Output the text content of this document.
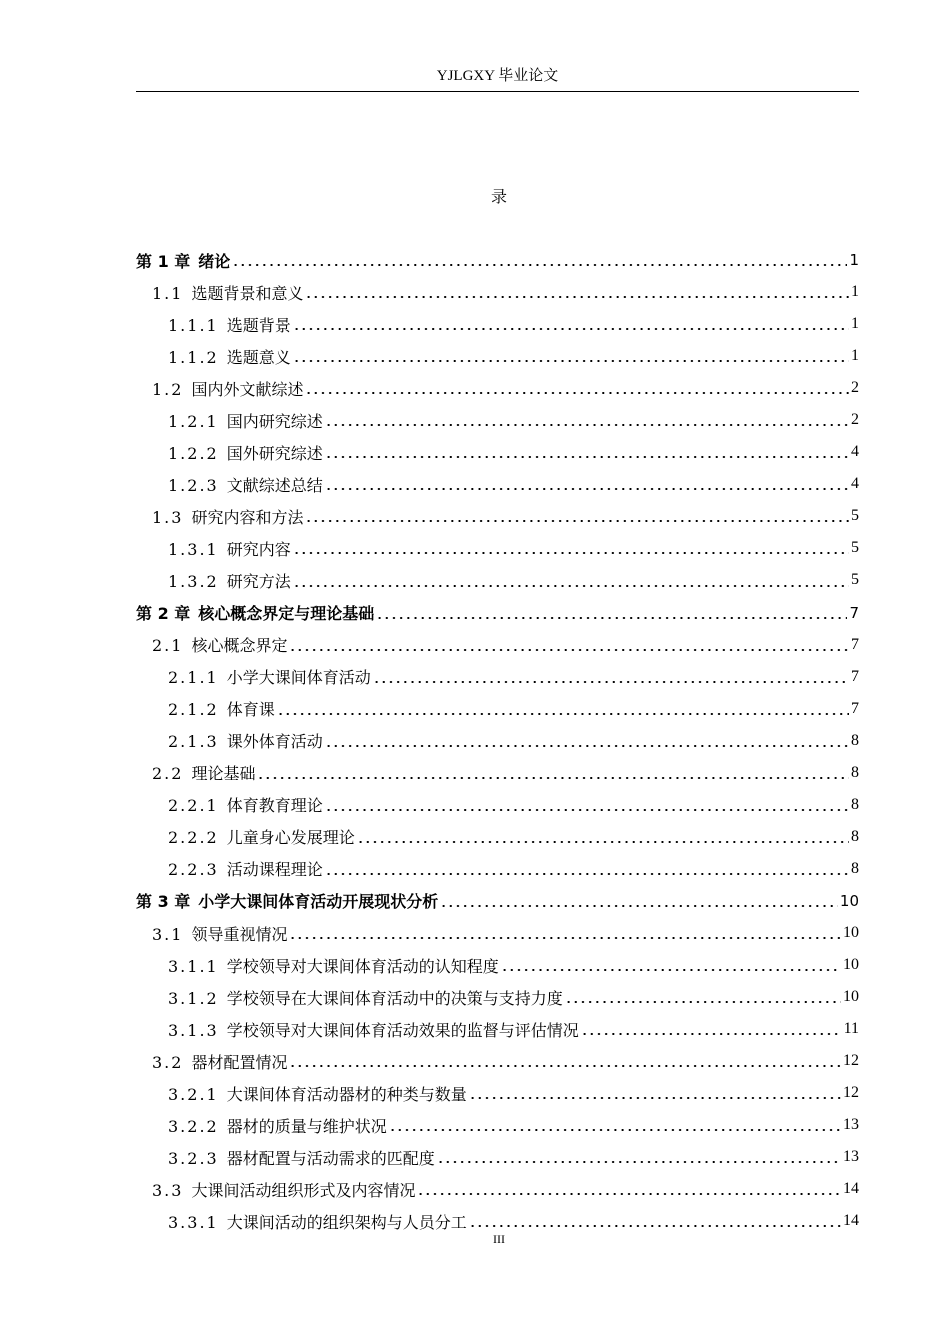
YJLGXY 毕业论文
录
第 1 章 绪论	1
1.1 选题背景和意义	1
1.1.1 选题背景	1
1.1.2 选题意义	1
1.2 国内外文献综述	2
1.2.1 国内研究综述	2
1.2.2 国外研究综述	4
1.2.3 文献综述总结	4
1.3 研究内容和方法	5
1.3.1 研究内容	5
1.3.2 研究方法	5
第 2 章 核心概念界定与理论基础	7
2.1 核心概念界定	7
2.1.1 小学大课间体育活动	7
2.1.2 体育课	7
2.1.3 课外体育活动	8
2.2 理论基础	8
2.2.1 体育教育理论	8
2.2.2 儿童身心发展理论	8
2.2.3 活动课程理论	8
第 3 章 小学大课间体育活动开展现状分析	10
3.1 领导重视情况	10
3.1.1 学校领导对大课间体育活动的认知程度	10
3.1.2 学校领导在大课间体育活动中的决策与支持力度	10
3.1.3 学校领导对大课间体育活动效果的监督与评估情况	11
3.2 器材配置情况	12
3.2.1 大课间体育活动器材的种类与数量	12
3.2.2 器材的质量与维护状况	13
3.2.3 器材配置与活动需求的匹配度	13
3.3 大课间活动组织形式及内容情况	14
3.3.1 大课间活动的组织架构与人员分工	14
III
